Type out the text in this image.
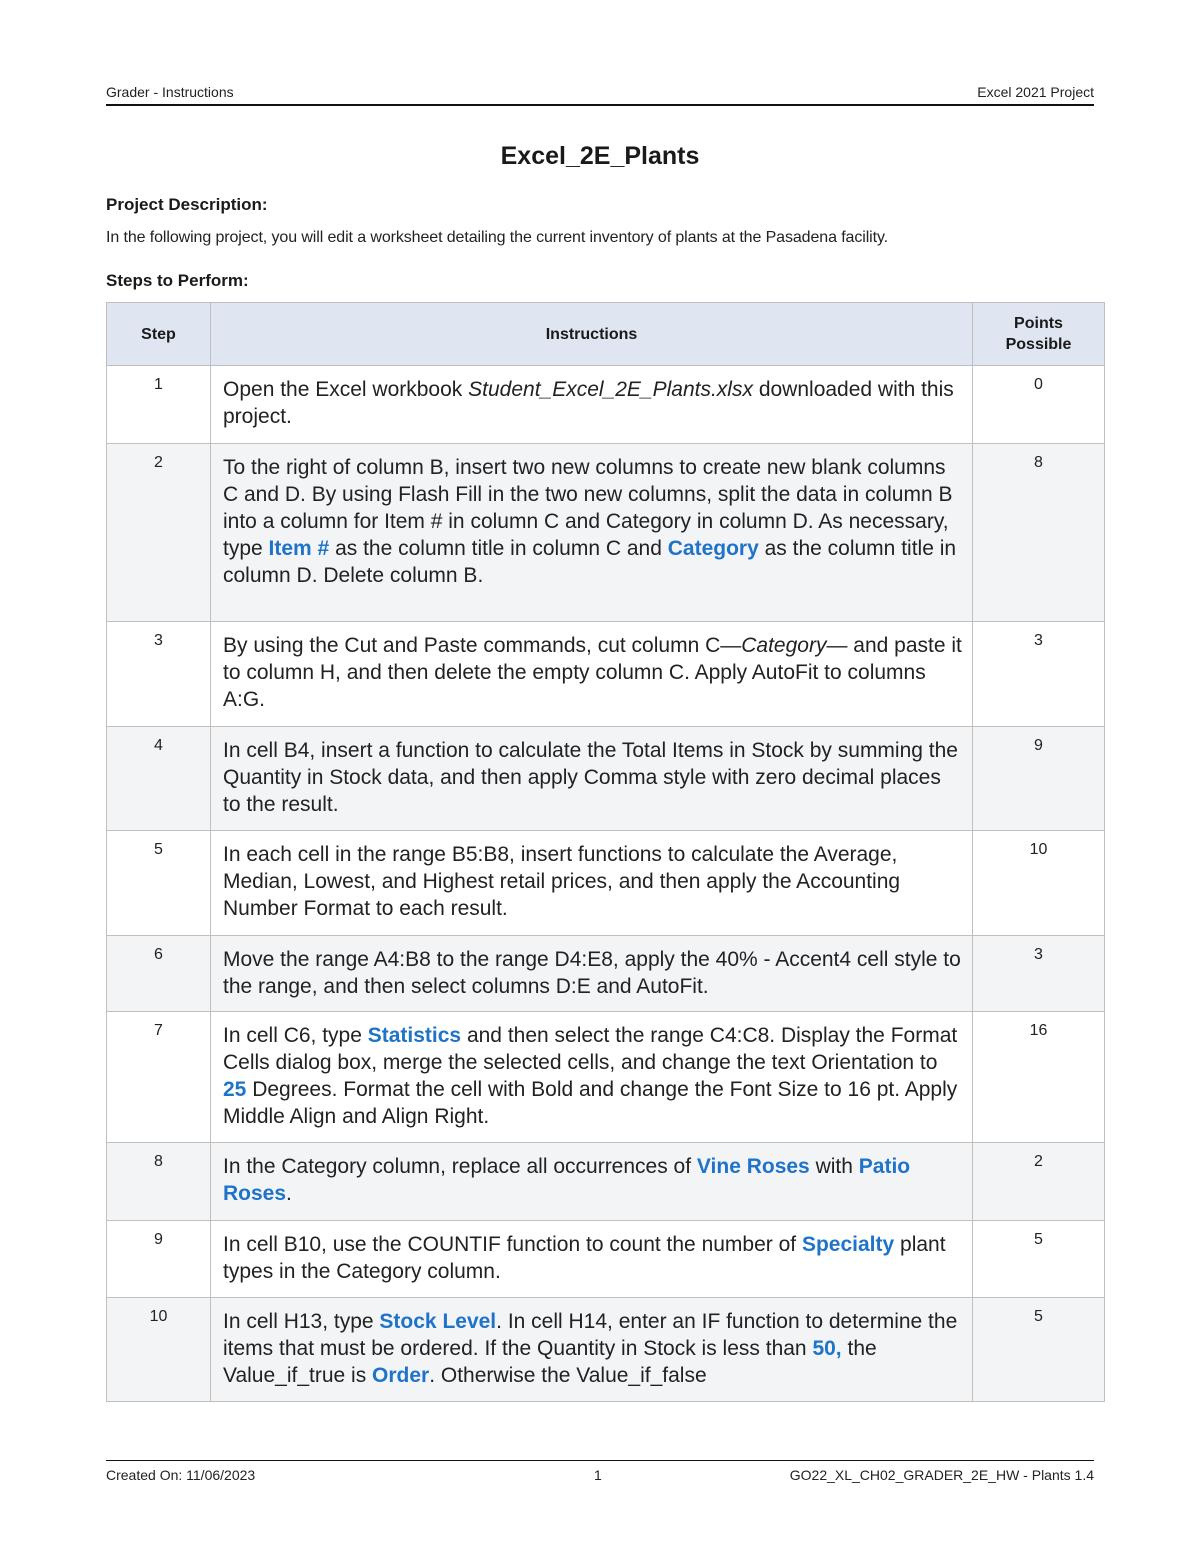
Grader - Instructions	Excel 2021 Project
Excel_2E_Plants
Project Description:
In the following project, you will edit a worksheet detailing the current inventory of plants at the Pasadena facility.
Steps to Perform:
Step	Instructions	Points Possible
1	Open the Excel workbook Student_Excel_2E_Plants.xlsx downloaded with this project.	0
2	To the right of column B, insert two new columns to create new blank columns C and D. By using Flash Fill in the two new columns, split the data in column B into a column for Item # in column C and Category in column D. As necessary, type Item # as the column title in column C and Category as the column title in column D. Delete column B.	8
3	By using the Cut and Paste commands, cut column C—Category— and paste it to column H, and then delete the empty column C. Apply AutoFit to columns A:G.	3
4	In cell B4, insert a function to calculate the Total Items in Stock by summing the Quantity in Stock data, and then apply Comma style with zero decimal places to the result.	9
5	In each cell in the range B5:B8, insert functions to calculate the Average, Median, Lowest, and Highest retail prices, and then apply the Accounting Number Format to each result.	10
6	Move the range A4:B8 to the range D4:E8, apply the 40% - Accent4 cell style to the range, and then select columns D:E and AutoFit.	3
7	In cell C6, type Statistics and then select the range C4:C8. Display the Format Cells dialog box, merge the selected cells, and change the text Orientation to 25 Degrees. Format the cell with Bold and change the Font Size to 16 pt. Apply Middle Align and Align Right.	16
8	In the Category column, replace all occurrences of Vine Roses with Patio Roses.	2
9	In cell B10, use the COUNTIF function to count the number of Specialty plant types in the Category column.	5
10	In cell H13, type Stock Level. In cell H14, enter an IF function to determine the items that must be ordered. If the Quantity in Stock is less than 50, the Value_if_true is Order. Otherwise the Value_if_false	5
Created On: 11/06/2023	1	GO22_XL_CH02_GRADER_2E_HW - Plants 1.4
